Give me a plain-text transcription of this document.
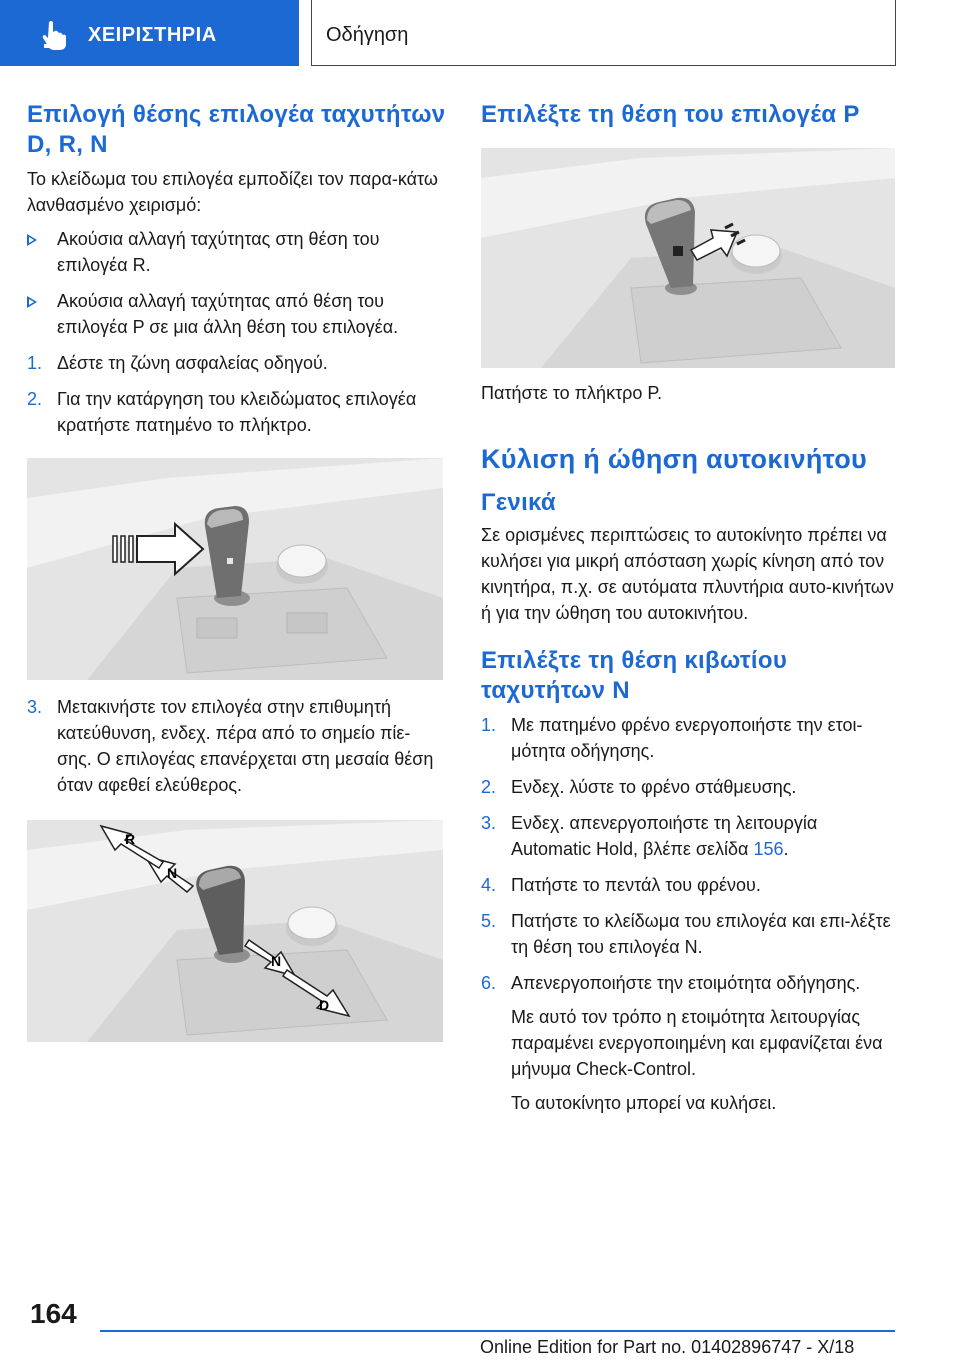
ΧΕΙΡΙΣΤΗΡΙΑ	Οδήγηση
Επιλογή θέσης επιλογέα ταχυτήτων D, R, N
Το κλείδωμα του επιλογέα εμποδίζει τον παρα-κάτω λανθασμένο χειρισμό:
Ακούσια αλλαγή ταχύτητας στη θέση του επιλογέα R.
Ακούσια αλλαγή ταχύτητας από θέση του επιλογέα P σε μια άλλη θέση του επιλογέα.
1. Δέστε τη ζώνη ασφαλείας οδηγού.
2. Για την κατάργηση του κλειδώματος επιλογέα κρατήστε πατημένο το πλήκτρο.
3. Μετακινήστε τον επιλογέα στην επιθυμητή κατεύθυνση, ενδεχ. πέρα από το σημείο πίε-σης. Ο επιλογέας επανέρχεται στη μεσαία θέση όταν αφεθεί ελεύθερος.
R
N
N
D
Επιλέξτε τη θέση του επιλογέα P
Πατήστε το πλήκτρο P.
Κύλιση ή ώθηση αυτοκινήτου
Γενικά
Σε ορισμένες περιπτώσεις το αυτοκίνητο πρέπει να κυλήσει για μικρή απόσταση χωρίς κίνηση από τον κινητήρα, π.χ. σε αυτόματα πλυντήρια αυτο-κινήτων ή για την ώθηση του αυτοκινήτου.
Επιλέξτε τη θέση κιβωτίου ταχυτήτων N
1. Με πατημένο φρένο ενεργοποιήστε την ετοι-μότητα οδήγησης.
2. Ενδεχ. λύστε το φρένο στάθμευσης.
3. Ενδεχ. απενεργοποιήστε τη λειτουργία Automatic Hold, βλέπε σελίδα 156.
4. Πατήστε το πεντάλ του φρένου.
5. Πατήστε το κλείδωμα του επιλογέα και επι-λέξτε τη θέση του επιλογέα N.
6. Απενεργοποιήστε την ετοιμότητα οδήγησης.
Με αυτό τον τρόπο η ετοιμότητα λειτουργίας παραμένει ενεργοποιημένη και εμφανίζεται ένα μήνυμα Check-Control.
Το αυτοκίνητο μπορεί να κυλήσει.
164
Online Edition for Part no. 01402896747 - X/18
